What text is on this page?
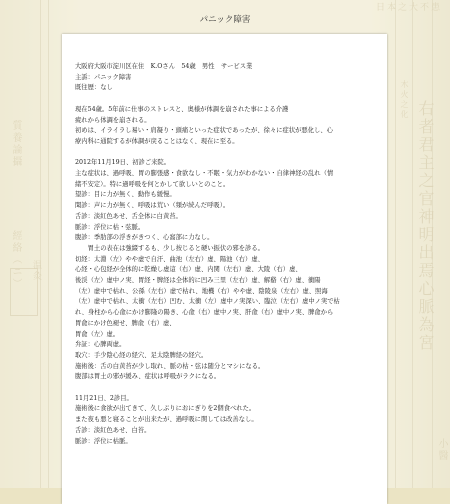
日本之大不患
右者君主之官神明出焉心脈為宮
木火之化
質養論攝
經絡（ニ） 温灸
小醫
パニック障害
大阪府大阪市淀川区在住　K.Oさん　54歳　男性　サービス業
主訴：パニック障害
既往歴：なし
現在54歳。5年前に仕事のストレスと、奥様が体調を崩された事による介護
疲れから体調を崩される。
初めは、イライラし易い・肩凝り・頭痛といった症状であったが、徐々に症状が悪化し、心
療内科に通院するが体調が戻ることはなく、現在に至る。
2012年11月19日、初診ご来院。
主な症状は、過呼吸、胃の膨張感・食欲なし・不眠・気力がわかない・自律神経の乱れ（情
緒不安定）。特に過呼吸を何とかして欲しいとのこと。
望診：目に力が無く、動作も緩慢。
聞診：声に力が無く、呼吸は荒い（頻が続んだ呼吸）。
舌診：淡紅色あせ、舌全体に白黄苔。
脈診：浮位に枯・弦脈。
腹診：季肋部の浮きがきつく、心窩部に力なし。
　　胃土の表在は強綴するも、少し按じると硬い振伏の邪を診る。
切経：太淵（左）やや虚で自汗、曲池（左右）虚、陽池（右）虚、
心経・心包経が全体的に乾燥し虚這（右）虚、内関（左右）虚、大陵（右）虚、
後渓（左）虚中ノ実、胃経・脾経は全体的に凹み三里（左右）虚、解谿（右）虚、衝陽
（左）虚中で枯れ、公孫（左右）虚で枯れ、地機（右）やや虚、陰陵泉（左右）虚、照海
（左）虚中で枯れ、太衝（左右）凹む、太衝（左）虚中ノ実深い、臨泣（左右）虚中ノ実で枯
れ、身柱から心兪にかけ膨隆の陽き、心兪（右）虚中ノ実、肝兪（右）虚中ノ実、脾兪から
胃兪にかけ色褪せ、脾兪（右）虚、
胃兪（左）虚。
弁証：心脾両虚。
取穴：手少陰心経の経穴、足太陰脾経の経穴。
施術後：舌の白黄苔が少し取れ、脈の枯・弦は随分とマシになる。
腹部は胃土の邪が緩み、症状は呼吸がラクになる。
11月21日、2診目。
施術後に食欲が出てきて、久しぶりにおにぎりを2個食べれた。
また夜も悪と寝ることが出来たが、過呼吸に関しては改善なし。
舌診：淡紅色あせ、白苔。
脈診：浮位に枯脈。
